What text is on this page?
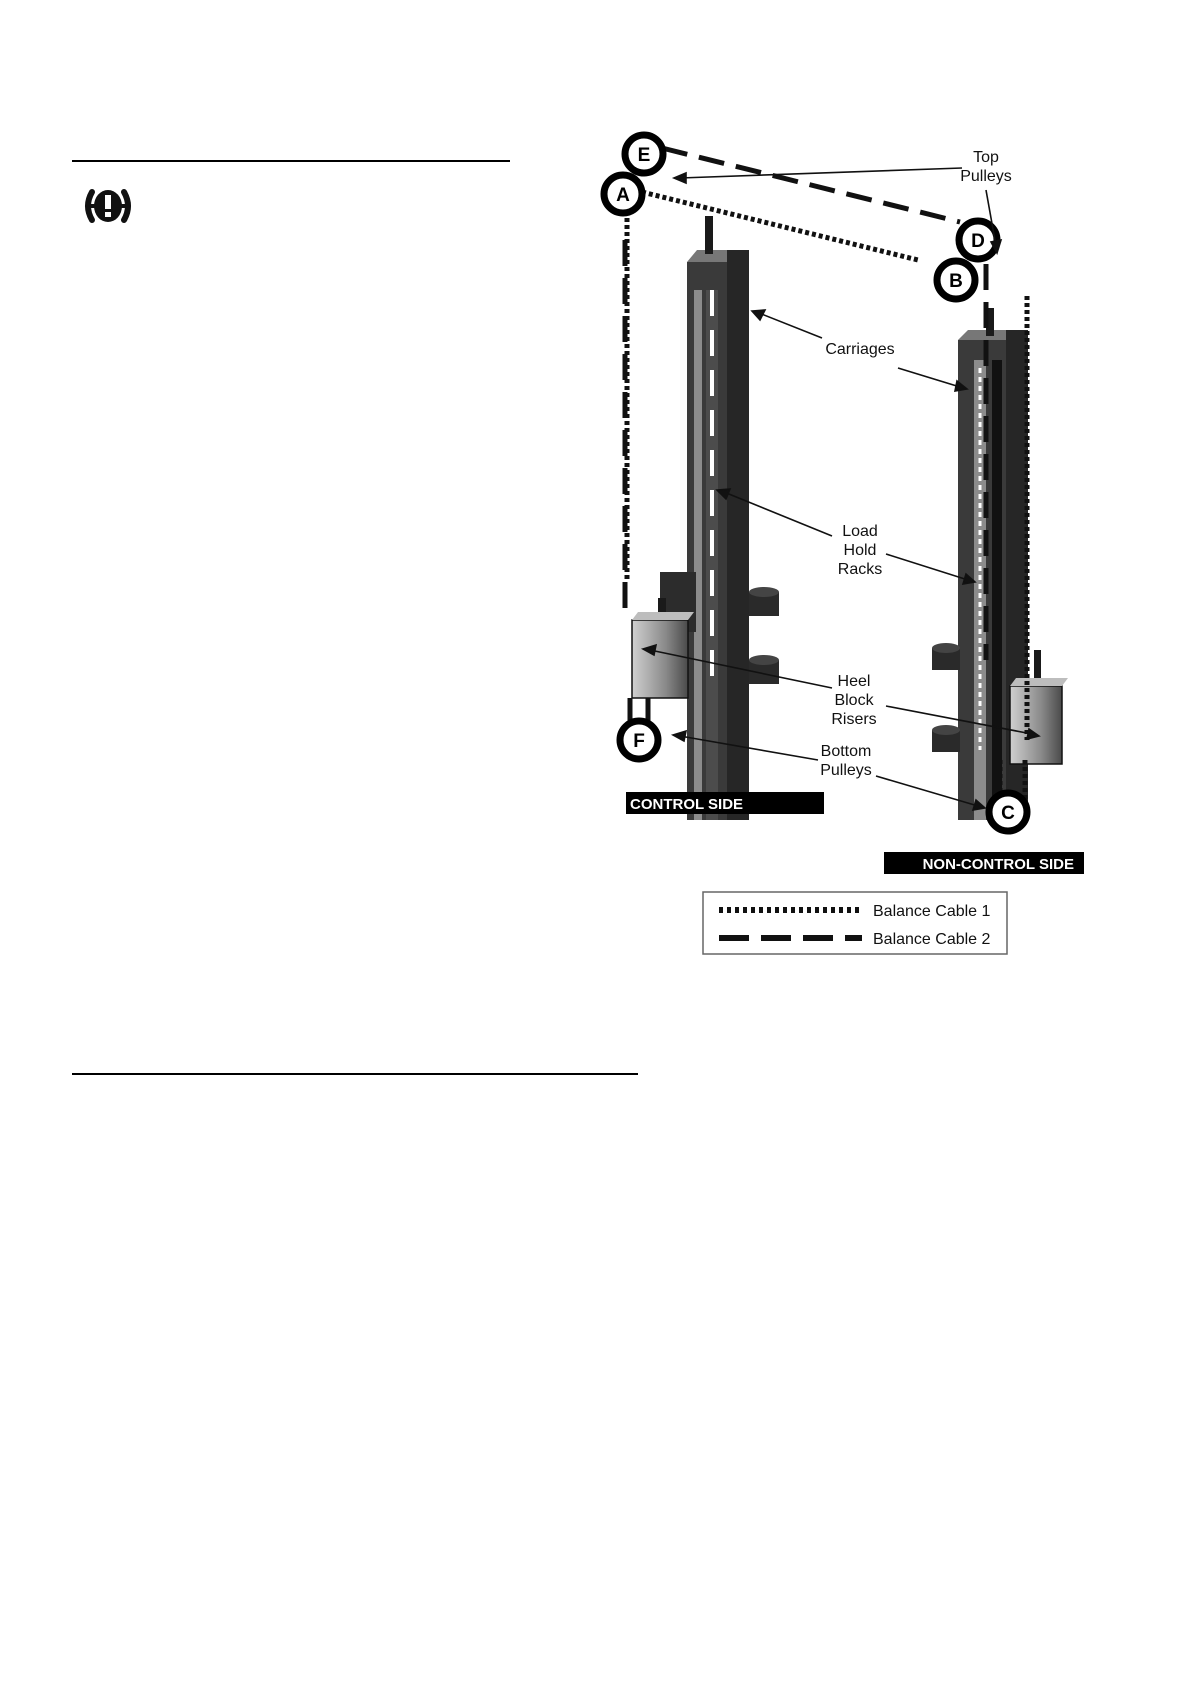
E
A
D
B
F
C
Top
Pulleys
Carriages
Load
Hold
Racks
Heel
Block
Risers
Bottom
Pulleys
CONTROL SIDE
NON-CONTROL SIDE
Balance Cable 1
Balance Cable 2
